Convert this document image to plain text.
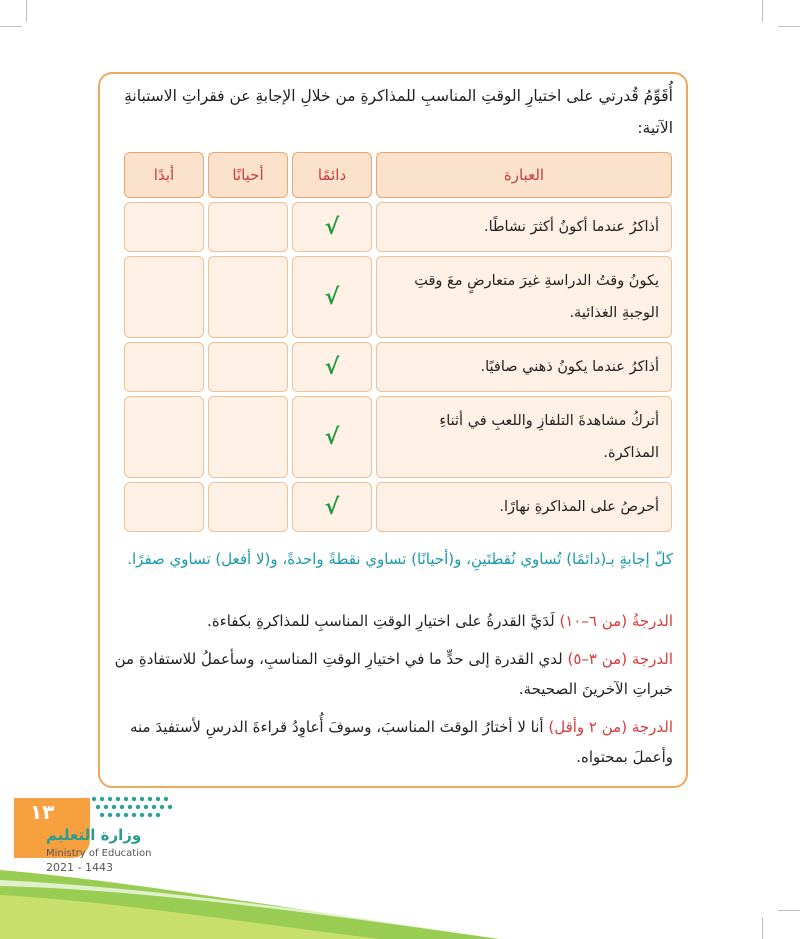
أُقَوِّمُ قُدرتي على اختيارِ الوقتِ المناسبِ للمذاكرةِ من خلالِ الإجابةِ عن فقراتِ الاستبانةِ الآتية:
العبارة	دائمًا	أحيانًا	أبدًا
أذاكرُ عندما أكونُ أكثرَ نشاطًا.	√		
يكونُ وقتُ الدراسةِ غيرَ متعارضٍ معَ وقتِ الوجبةِ الغذائية.	√		
أذاكرُ عندما يكونُ ذهني صافيًا.	√		
أتركُ مشاهدةَ التلفازِ واللعبِ في أثناءِ المذاكرة.	√		
أحرصُ على المذاكرةِ نهارًا.	√		
كلّ إجابةٍ بـ(دائمًا) تُساوي نُقطتَينِ، و(أحيانًا) تساوي نقطةً واحدةً، و(لا أفعل) تساوي صفرًا.
الدرجةُ (من ٦–١٠) لَدَيَّ القدرةُ على اختيارِ الوقتِ المناسبِ للمذاكرةِ بكفاءة.
الدرجة (من ٣–٥) لدي القدرة إلى حدٍّ ما في اختيارِ الوقتِ المناسبِ، وسأعملُ للاستفادةِ من خبراتِ الآخرينَ الصحيحة.
الدرجة (من ٢ وأقل) أنا لا أختارُ الوقتَ المناسبَ، وسوفَ أُعاوِدُ قراءةَ الدرسِ لأستفيدَ منه وأعملَ بمحتواه.
١٣
وزارة التعليم
Ministry of Education
2021 - 1443
